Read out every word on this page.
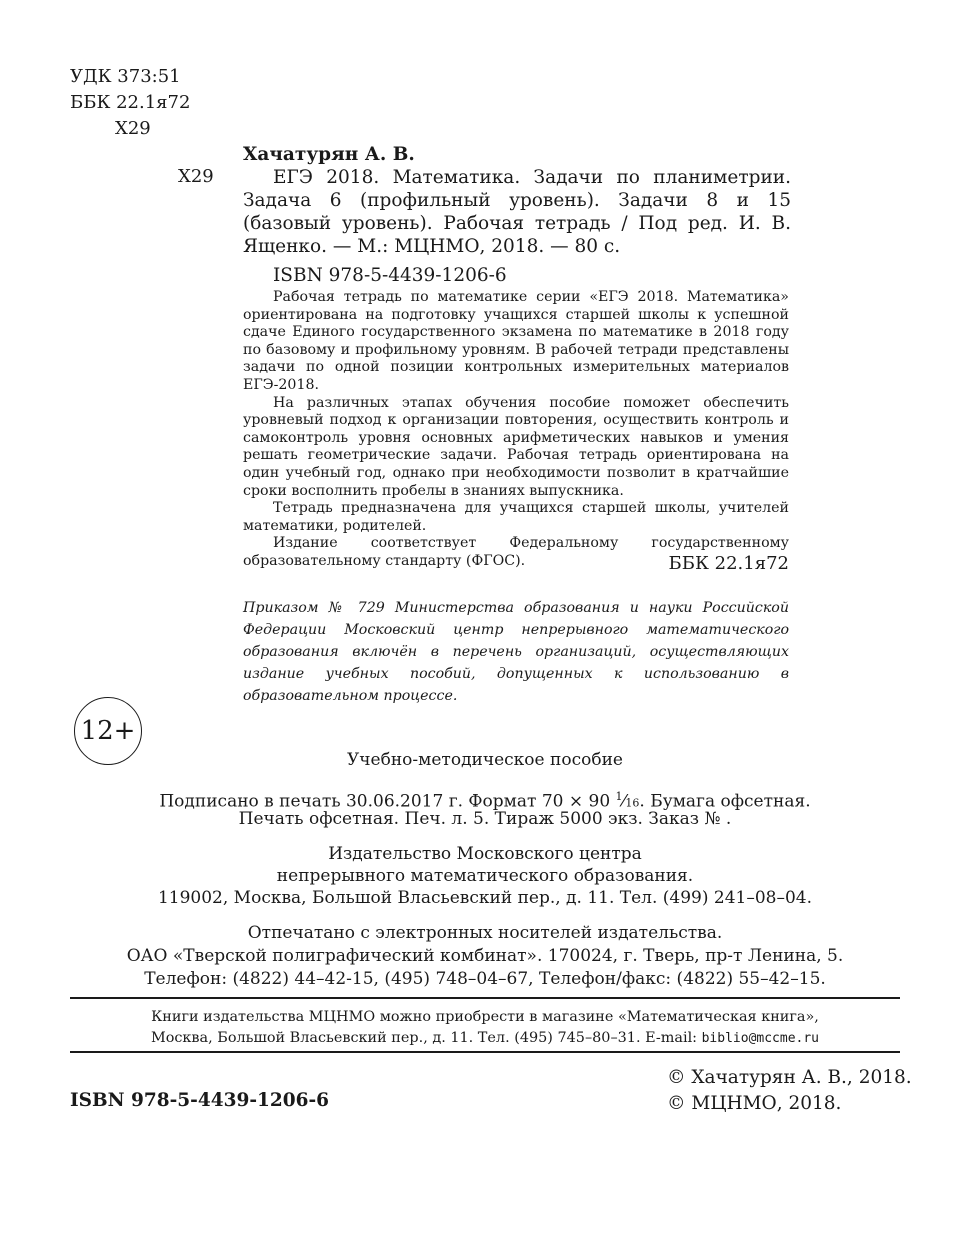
УДК 373:51
ББК 22.1я72
Х29
Х29
Хачатурян А. В.
ЕГЭ 2018. Математика. Задачи по планиметрии. Задача 6 (профильный уровень). Задачи 8 и 15 (базовый уровень). Рабочая тетрадь / Под ред. И. В. Ященко. — М.: МЦНМО, 2018. — 80 с.
ISBN 978-5-4439-1206-6

Рабочая тетрадь по математике серии «ЕГЭ 2018. Математика» ориентирована на подготовку учащихся старшей школы к успешной сдаче Единого государственного экзамена по математике в 2018 году по базовому и профильному уровням. В рабочей тетради представлены задачи по одной позиции контрольных измерительных материалов ЕГЭ-2018.

На различных этапах обучения пособие поможет обеспечить уровневый подход к организации повторения, осуществить контроль и самоконтроль уровня основных арифметических навыков и умения решать геометрические задачи. Рабочая тетрадь ориентирована на один учебный год, однако при необходимости позволит в кратчайшие сроки восполнить пробелы в знаниях выпускника.

Тетрадь предназначена для учащихся старшей школы, учителей математики, родителей.

Издание соответствует Федеральному государственному образовательному стандарту (ФГОС).	ББК 22.1я72
Приказом № 729 Министерства образования и науки Российской Федерации Московский центр непрерывного математического образования включён в перечень организаций, осуществляющих издание учебных пособий, допущенных к использованию в образовательном процессе.
12+
Учебно-методическое пособие
Подписано в печать 30.06.2017 г. Формат 70 × 90 $^1$⁄16. Бумага офсетная.
Печать офсетная. Печ. л. 5. Тираж 5000 экз. Заказ № .
Издательство Московского центра
непрерывного математического образования.
119002, Москва, Большой Власьевский пер., д. 11. Тел. (499) 241–08–04.
Отпечатано с электронных носителей издательства.
ОАО «Тверской полиграфический комбинат». 170024, г. Тверь, пр-т Ленина, 5.
Телефон: (4822) 44–42-15, (495) 748–04–67, Телефон/факс: (4822) 55–42–15.
Книги издательства МЦНМО можно приобрести в магазине «Математическая книга»,
Москва, Большой Власьевский пер., д. 11. Тел. (495) 745–80–31. E-mail: biblio@mccme.ru
ISBN 978-5-4439-1206-6
© Хачатурян А. В., 2018.
© МЦНМО, 2018.
